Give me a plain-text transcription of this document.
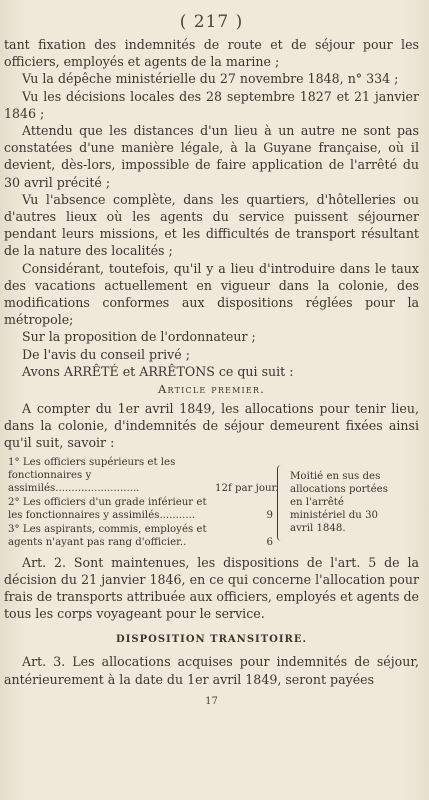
( 217 )

tant fixation des indemnités de route et de séjour pour les officiers, employés et agents de la marine ;

Vu la dépêche ministérielle du 27 novembre 1848, n° 334 ;

Vu les décisions locales des 28 septembre 1827 et 21 janvier 1846 ;

Attendu que les distances d'un lieu à un autre ne sont pas constatées d'une manière légale, à la Guyane française, où il devient, dès-lors, impossible de faire application de l'arrêté du 30 avril précité ;

Vu l'absence complète, dans les quartiers, d'hôtelleries ou d'autres lieux où les agents du service puissent séjourner pendant leurs missions, et les difficultés de transport résultant de la nature des localités ;

Considérant, toutefois, qu'il y a lieu d'introduire dans le taux des vacations actuellement en vigueur dans la colonie, des modifications conformes aux dispositions réglées pour la métropole;

Sur la proposition de l'ordonnateur ;

De l'avis du conseil privé ;

Avons ARRÊTÉ et ARRÊTONS ce qui suit :

Article premier.

A compter du 1er avril 1849, les allocations pour tenir lieu, dans la colonie, d'indemnités de séjour demeurent fixées ainsi qu'il suit, savoir :

1° Les officiers supérieurs et les fonctionnaires y assimilés..........................	12f par jour.
2° Les officiers d'un grade inférieur et les fonctionnaires y assimilés...........	9
3° Les aspirants, commis, employés et agents n'ayant pas rang d'officier..	6
Moitié en sus des allocations portées en l'arrêté ministériel du 30 avril 1848.

Art. 2. Sont maintenues, les dispositions de l'art. 5 de la décision du 21 janvier 1846, en ce qui concerne l'allocation pour frais de transports attribuée aux officiers, employés et agents de tous les corps voyageant pour le service.

DISPOSITION TRANSITOIRE.

Art. 3. Les allocations acquises pour indemnités de séjour, antérieurement à la date du 1er avril 1849, seront payées

17
